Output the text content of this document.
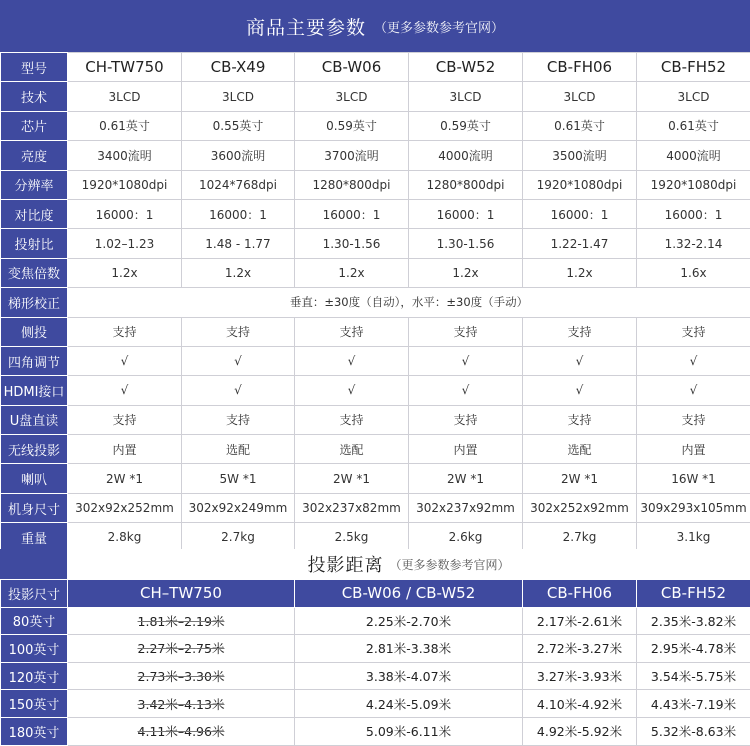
商品主要参数 （更多参数参考官网）
型号	CH-TW750	CB-X49	CB-W06	CB-W52	CB-FH06	CB-FH52
技术	3LCD	3LCD	3LCD	3LCD	3LCD	3LCD
芯片	0.61英寸	0.55英寸	0.59英寸	0.59英寸	0.61英寸	0.61英寸
亮度	3400流明	3600流明	3700流明	4000流明	3500流明	4000流明
分辨率	1920*1080dpi	1024*768dpi	1280*800dpi	1280*800dpi	1920*1080dpi	1920*1080dpi
对比度	16000：1	16000：1	16000：1	16000：1	16000：1	16000：1
投射比	1.02–1.23	1.48 - 1.77	1.30-1.56	1.30-1.56	1.22-1.47	1.32-2.14
变焦倍数	1.2x	1.2x	1.2x	1.2x	1.2x	1.6x
梯形校正	垂直：±30度（自动），水平：±30度（手动）					
侧投	支持	支持	支持	支持	支持	支持
四角调节	√	√	√	√	√	√
HDMI接口	√	√	√	√	√	√
U盘直读	支持	支持	支持	支持	支持	支持
无线投影	内置	选配	选配	内置	选配	内置
喇叭	2W *1	5W *1	2W *1	2W *1	2W *1	16W *1
机身尺寸	302x92x252mm	302x92x249mm	302x237x82mm	302x237x92mm	302x252x92mm	309x293x105mm
重量	2.8kg	2.7kg	2.5kg	2.6kg	2.7kg	3.1kg
投影距离 （更多参数参考官网）
投影尺寸	CH–TW750	CB-W06 / CB-W52	CB-FH06	CB-FH52
80英寸	1.81米–2.19米	2.25米-2.70米	2.17米-2.61米	2.35米-3.82米
100英寸	2.27米–2.75米	2.81米-3.38米	2.72米-3.27米	2.95米-4.78米
120英寸	2.73米–3.30米	3.38米-4.07米	3.27米-3.93米	3.54米-5.75米
150英寸	3.42米–4.13米	4.24米-5.09米	4.10米-4.92米	4.43米-7.19米
180英寸	4.11米–4.96米	5.09米-6.11米	4.92米-5.92米	5.32米-8.63米
